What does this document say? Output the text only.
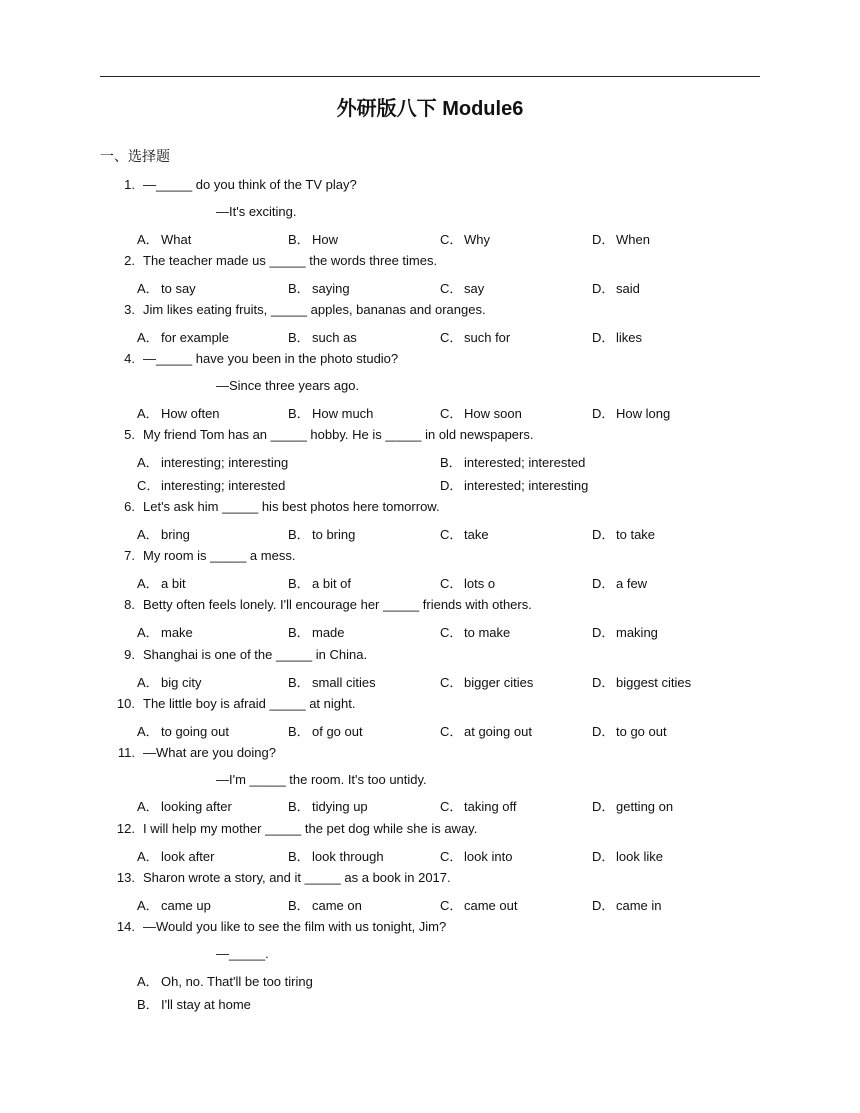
外研版八下 Module6
一、选择题
1. —_____ do you think of the TV play?
—It's exciting.
A． What	B． How	C． Why	D． When
2. The teacher made us _____ the words three times.
A． to say	B． saying	C． say	D． said
3. Jim likes eating fruits, _____ apples, bananas and oranges.
A． for example	B． such as	C． such for	D． likes
4. —_____ have you been in the photo studio?
—Since three years ago.
A． How often	B． How much	C． How soon	D． How long
5. My friend Tom has an _____ hobby. He is _____ in old newspapers.
A． interesting; interesting	B． interested; interested
C． interesting; interested	D． interested; interesting
6. Let's ask him _____ his best photos here tomorrow.
A． bring	B． to bring	C． take	D． to take
7. My room is _____ a mess.
A． a bit	B． a bit of	C． lots o	D． a few
8. Betty often feels lonely. I'll encourage her _____ friends with others.
A． make	B． made	C． to make	D． making
9. Shanghai is one of the _____ in China.
A． big city	B． small cities	C． bigger cities	D． biggest cities
10. The little boy is afraid _____ at night.
A． to going out	B． of go out	C． at going out	D． to go out
11. —What are you doing?
—I'm _____ the room. It's too untidy.
A． looking after	B． tidying up	C． taking off	D． getting on
12. I will help my mother _____ the pet dog while she is away.
A． look after	B． look through	C． look into	D． look like
13. Sharon wrote a story, and it _____ as a book in 2017.
A． came up	B． came on	C． came out	D． came in
14. —Would you like to see the film with us tonight, Jim?
—_____.
A． Oh, no. That'll be too tiring
B． I'll stay at home
